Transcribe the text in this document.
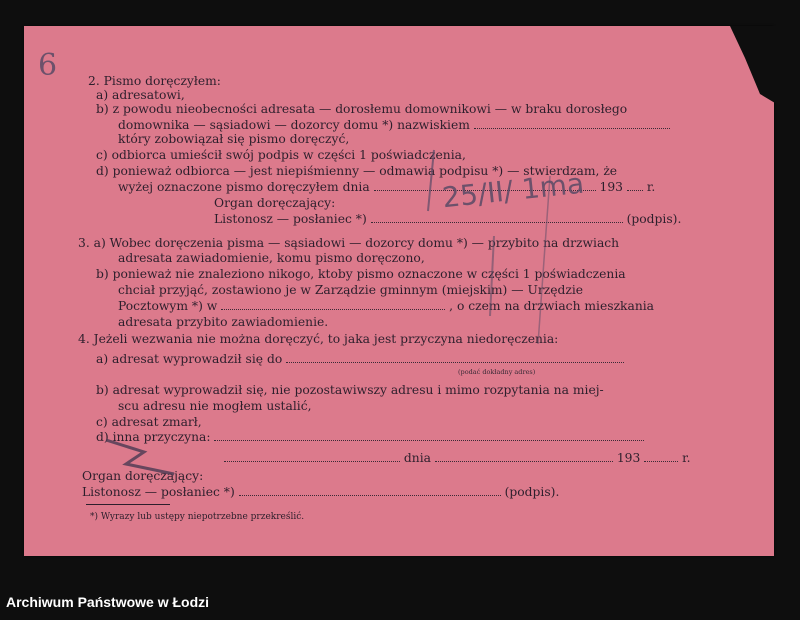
6	2. Pismo doręczyłem:
a) adresatowi,
b) z powodu nieobecności adresata — dorosłemu domownikowi — w braku dorosłego
domownika — sąsiadowi — dozorcy domu *) nazwiskiem
który zobowiązał się pismo doręczyć,
c) odbiorca umieścił swój podpis w części 1 poświadczenia,
d) ponieważ odbiorca — jest niepiśmienny — odmawia podpisu *) — stwierdzam, że
wyżej oznaczone pismo doręczyłem dnia	193 r.
Organ doręczający:
Listonosz — posłaniec *)	(podpis).
3. a) Wobec doręczenia pisma — sąsiadowi — dozorcy domu *) — przybito na drzwiach
adresata zawiadomienie, komu pismo doręczono,
b) ponieważ nie znaleziono nikogo, ktoby pismo oznaczone w części 1 poświadczenia
chciał przyjąć, zostawiono je w Zarządzie gminnym (miejskim) — Urzędzie
Pocztowym *) w	, o czem na drzwiach mieszkania
adresata przybito zawiadomienie.
4. Jeżeli wezwania nie można doręczyć, to jaka jest przyczyna niedoręczenia:
a) adresat wyprowadził się do
(podać dokładny adres)
b) adresat wyprowadził się, nie pozostawiwszy adresu i mimo rozpytania na miej-
scu adresu nie mogłem ustalić,
c) adresat zmarł,
d) inna przyczyna:
dnia	193	r.
Organ doręczający:
Listonosz — posłaniec *)	(podpis).
*) Wyrazy lub ustępy niepotrzebne przekreślić.
25/II/ 1ma
Archiwum Państwowe w Łodzi
